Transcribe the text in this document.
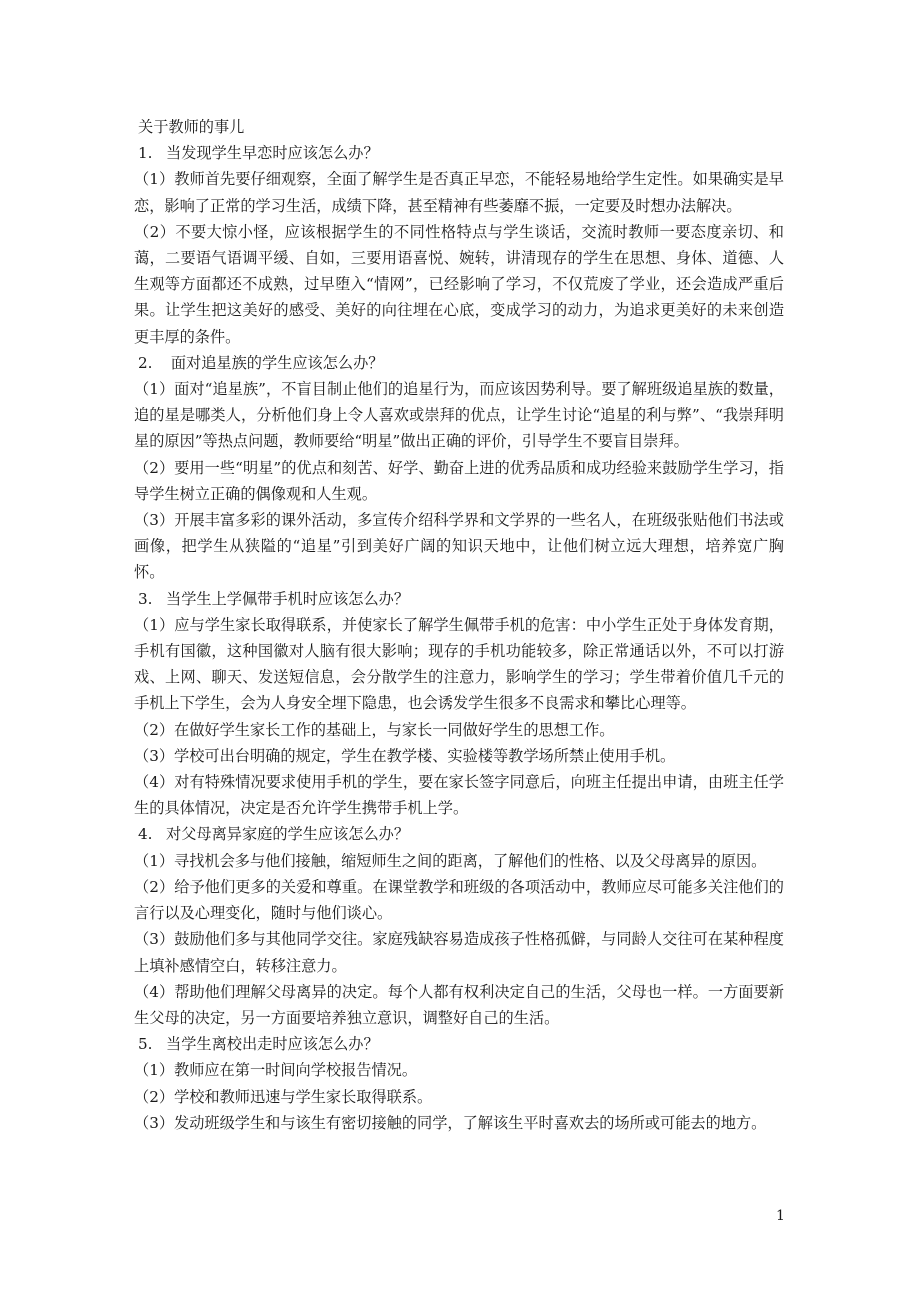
关于教师的事儿

1. 当发现学生早恋时应该怎么办？

（1）教师首先要仔细观察，全面了解学生是否真正早恋，不能轻易地给学生定性。如果确实是早恋，影响了正常的学习生活，成绩下降，甚至精神有些萎靡不振，一定要及时想办法解决。

（2）不要大惊小怪，应该根据学生的不同性格特点与学生谈话，交流时教师一要态度亲切、和蔼，二要语气语调平缓、自如，三要用语喜悦、婉转，讲清现存的学生在思想、身体、道德、人生观等方面都还不成熟，过早堕入“情网”，已经影响了学习，不仅荒废了学业，还会造成严重后果。让学生把这美好的感受、美好的向往埋在心底，变成学习的动力，为追求更美好的未来创造更丰厚的条件。

2. 面对追星族的学生应该怎么办？

（1）面对“追星族”，不盲目制止他们的追星行为，而应该因势利导。要了解班级追星族的数量，追的星是哪类人，分析他们身上令人喜欢或崇拜的优点，让学生讨论“追星的利与弊”、“我崇拜明星的原因”等热点问题，教师要给“明星”做出正确的评价，引导学生不要盲目崇拜。

（2）要用一些“明星”的优点和刻苦、好学、勤奋上进的优秀品质和成功经验来鼓励学生学习，指导学生树立正确的偶像观和人生观。

（3）开展丰富多彩的课外活动，多宣传介绍科学界和文学界的一些名人，在班级张贴他们书法或画像，把学生从狭隘的“追星”引到美好广阔的知识天地中，让他们树立远大理想，培养宽广胸怀。

3. 当学生上学佩带手机时应该怎么办？

（1）应与学生家长取得联系，并使家长了解学生佩带手机的危害：中小学生正处于身体发育期，手机有国徽，这种国徽对人脑有很大影响；现存的手机功能较多，除正常通话以外，不可以打游戏、上网、聊天、发送短信息，会分散学生的注意力，影响学生的学习；学生带着价值几千元的手机上下学生，会为人身安全埋下隐患，也会诱发学生很多不良需求和攀比心理等。

（2）在做好学生家长工作的基础上，与家长一同做好学生的思想工作。

（3）学校可出台明确的规定，学生在教学楼、实验楼等教学场所禁止使用手机。

（4）对有特殊情况要求使用手机的学生，要在家长签字同意后，向班主任提出申请，由班主任学生的具体情况，决定是否允许学生携带手机上学。

4. 对父母离异家庭的学生应该怎么办？

（1）寻找机会多与他们接触，缩短师生之间的距离，了解他们的性格、以及父母离异的原因。

（2）给予他们更多的关爱和尊重。在课堂教学和班级的各项活动中，教师应尽可能多关注他们的言行以及心理变化，随时与他们谈心。

（3）鼓励他们多与其他同学交往。家庭残缺容易造成孩子性格孤僻，与同龄人交往可在某种程度上填补感情空白，转移注意力。

（4）帮助他们理解父母离异的决定。每个人都有权利决定自己的生活，父母也一样。一方面要新生父母的决定，另一方面要培养独立意识，调整好自己的生活。

5. 当学生离校出走时应该怎么办？

（1）教师应在第一时间向学校报告情况。

（2）学校和教师迅速与学生家长取得联系。

（3）发动班级学生和与该生有密切接触的同学，了解该生平时喜欢去的场所或可能去的地方。

1
